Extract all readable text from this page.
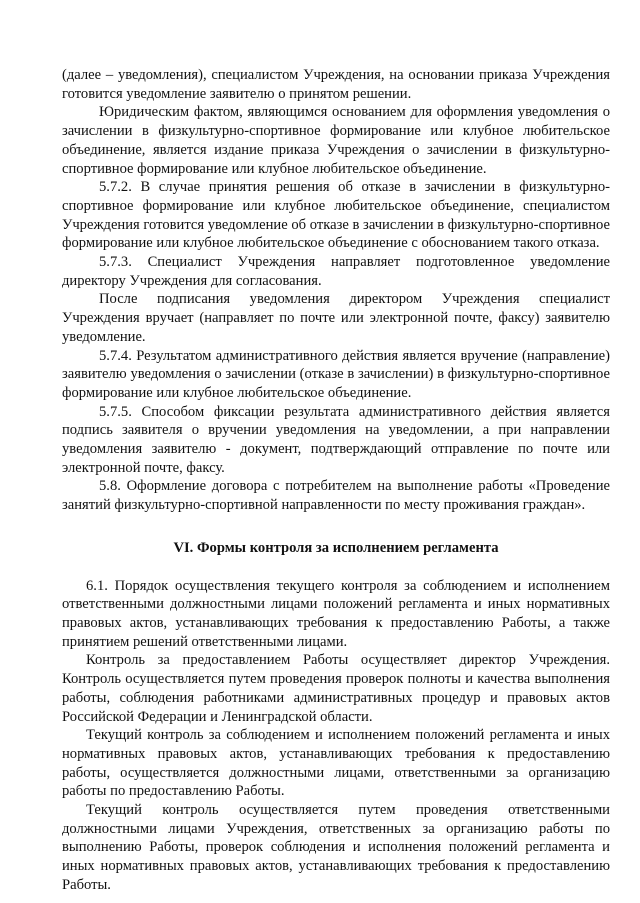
(далее – уведомления), специалистом Учреждения, на основании приказа Учреждения готовится уведомление заявителю о принятом решении.

Юридическим фактом, являющимся основанием для оформления уведомления о зачислении в физкультурно-спортивное формирование или клубное любительское объединение, является издание приказа Учреждения о зачислении в физкультурно-спортивное формирование или клубное любительское объединение.

5.7.2. В случае принятия решения об отказе в зачислении в физкультурно-спортивное формирование или клубное любительское объединение, специалистом Учреждения готовится уведомление об отказе в зачислении в физкультурно-спортивное формирование или клубное любительское объединение с обоснованием такого отказа.

5.7.3. Специалист Учреждения направляет подготовленное уведомление директору Учреждения для согласования.

После подписания уведомления директором Учреждения специалист Учреждения вручает (направляет по почте или электронной почте, факсу) заявителю уведомление.

5.7.4. Результатом административного действия является вручение (направление) заявителю уведомления о зачислении (отказе в зачислении) в физкультурно-спортивное формирование или клубное любительское объединение.

5.7.5. Способом фиксации результата административного действия является подпись заявителя о вручении уведомления на уведомлении, а при направлении уведомления заявителю - документ, подтверждающий отправление по почте или электронной почте, факсу.

5.8. Оформление договора с потребителем на выполнение работы «Проведение занятий физкультурно-спортивной направленности по месту проживания граждан».

VI. Формы контроля за исполнением регламента

6.1. Порядок осуществления текущего контроля за соблюдением и исполнением ответственными должностными лицами положений регламента и иных нормативных правовых актов, устанавливающих требования к предоставлению Работы, а также принятием решений ответственными лицами.

Контроль за предоставлением Работы осуществляет директор Учреждения. Контроль осуществляется путем проведения проверок полноты и качества выполнения работы, соблюдения работниками административных процедур и правовых актов Российской Федерации и Ленинградской области.

Текущий контроль за соблюдением и исполнением положений регламента и иных нормативных правовых актов, устанавливающих требования к предоставлению работы, осуществляется должностными лицами, ответственными за организацию работы по предоставлению Работы.

Текущий контроль осуществляется путем проведения ответственными должностными лицами Учреждения, ответственных за организацию работы по выполнению Работы, проверок соблюдения и исполнения положений регламента и иных нормативных правовых актов, устанавливающих требования к предоставлению Работы.
